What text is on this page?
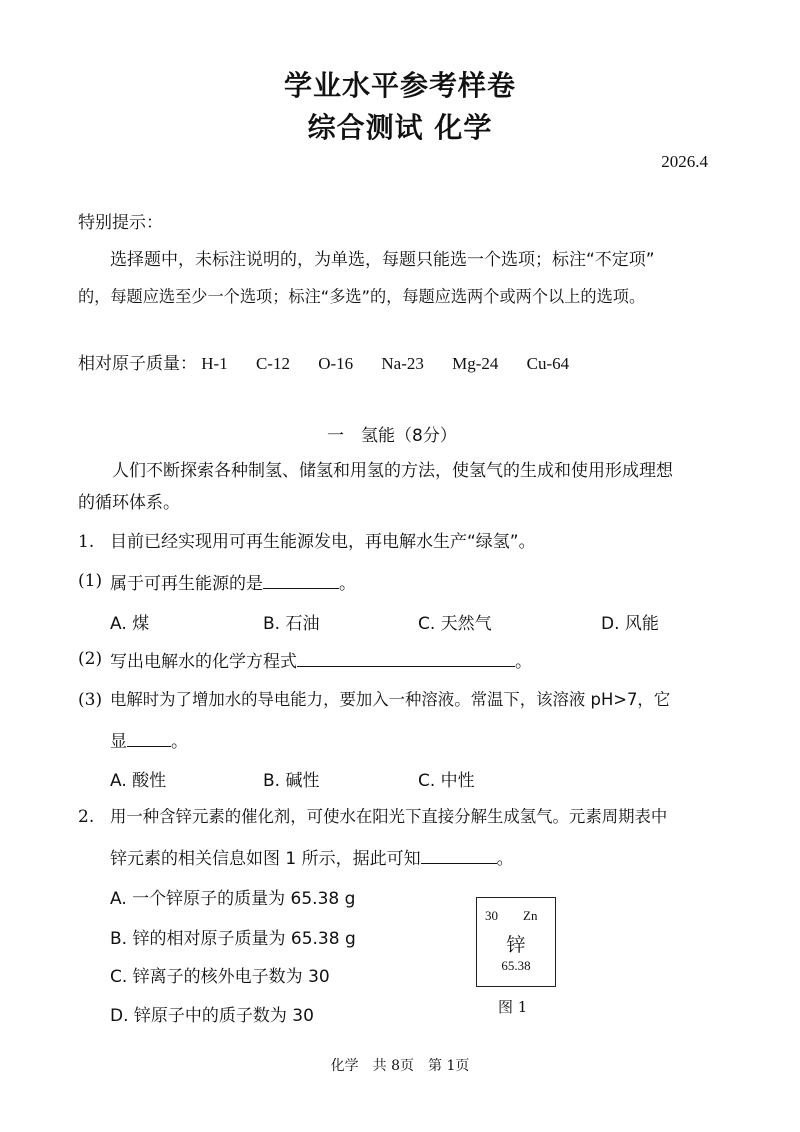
学业水平参考样卷
综合测试 化学
2026.4
特别提示：
选择题中，未标注说明的，为单选，每题只能选一个选项；标注“不定项”
的，每题应选至少一个选项；标注“多选”的，每题应选两个或两个以上的选项。
相对原子质量： H-1 C-12 O-16 Na-23 Mg-24 Cu-64
一　氢能（8分）
人们不断探索各种制氢、储氢和用氢的方法，使氢气的生成和使用形成理想
的循环体系。
1. 目前已经实现用可再生能源发电，再电解水生产“绿氢”。
(1) 属于可再生能源的是	。
A. 煤	B. 石油	C. 天然气	D. 风能
(2) 写出电解水的化学方程式	。
(3) 电解时为了增加水的导电能力，要加入一种溶液。常温下，该溶液 pH>7，它
显	。
A. 酸性	B. 碱性	C. 中性
2. 用一种含锌元素的催化剂，可使水在阳光下直接分解生成氢气。元素周期表中
锌元素的相关信息如图 1 所示，据此可知	。
A. 一个锌原子的质量为 65.38 g
B. 锌的相对原子质量为 65.38 g
C. 锌离子的核外电子数为 30
D. 锌原子中的质子数为 30
30 Zn
锌
65.38
图 1
化学　共 8页　第 1页
